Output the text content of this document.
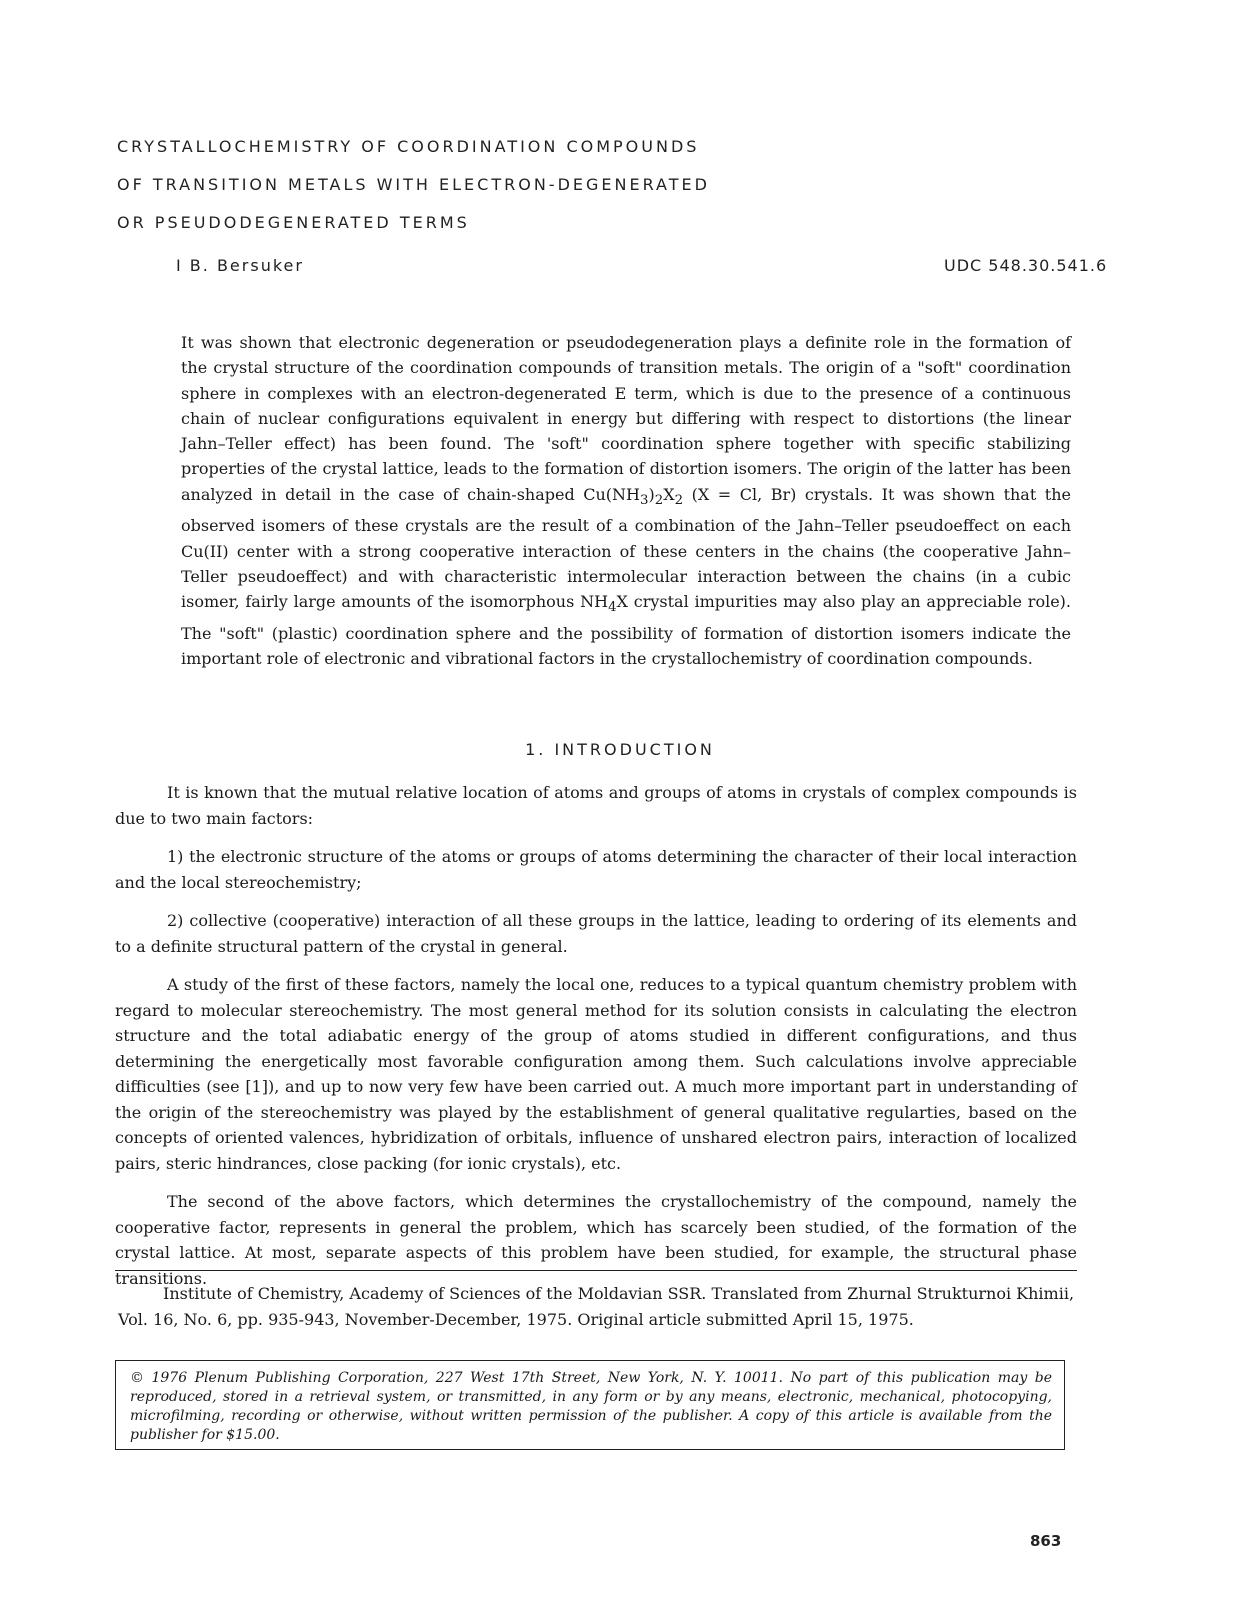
CRYSTALLOCHEMISTRY OF COORDINATION COMPOUNDS
OF TRANSITION METALS WITH ELECTRON-DEGENERATED
OR PSEUDODEGENERATED TERMS
I B. Bersuker	UDC 548.30.541.6
It was shown that electronic degeneration or pseudodegeneration plays a definite role in the formation of the crystal structure of the coordination compounds of transition metals. The origin of a "soft" coordination sphere in complexes with an electron-degenerated E term, which is due to the presence of a continuous chain of nuclear configurations equivalent in energy but differing with respect to distortions (the linear Jahn–Teller effect) has been found. The 'soft" coordination sphere together with specific stabilizing properties of the crystal lattice, leads to the formation of distortion isomers. The origin of the latter has been analyzed in detail in the case of chain-shaped $Cu(NH_3)_2X_2$ (X = Cl, Br) crystals. It was shown that the observed isomers of these crystals are the result of a combination of the Jahn–Teller pseudoeffect on each Cu(II) center with a strong cooperative interaction of these centers in the chains (the cooperative Jahn–Teller pseudoeffect) and with characteristic intermolecular interaction between the chains (in a cubic isomer, fairly large amounts of the isomorphous $NH_4X$ crystal impurities may also play an appreciable role). The "soft" (plastic) coordination sphere and the possibility of formation of distortion isomers indicate the important role of electronic and vibrational factors in the crystallochemistry of coordination compounds.
1. INTRODUCTION

It is known that the mutual relative location of atoms and groups of atoms in crystals of complex compounds is due to two main factors:

1) the electronic structure of the atoms or groups of atoms determining the character of their local interaction and the local stereochemistry;

2) collective (cooperative) interaction of all these groups in the lattice, leading to ordering of its elements and to a definite structural pattern of the crystal in general.

A study of the first of these factors, namely the local one, reduces to a typical quantum chemistry problem with regard to molecular stereochemistry. The most general method for its solution consists in calculating the electron structure and the total adiabatic energy of the group of atoms studied in different configurations, and thus determining the energetically most favorable configuration among them. Such calculations involve appreciable difficulties (see [1]), and up to now very few have been carried out. A much more important part in understanding of the origin of the stereochemistry was played by the establishment of general qualitative regularties, based on the concepts of oriented valences, hybridization of orbitals, influence of unshared electron pairs, interaction of localized pairs, steric hindrances, close packing (for ionic crystals), etc.

The second of the above factors, which determines the crystallochemistry of the compound, namely the cooperative factor, represents in general the problem, which has scarcely been studied, of the formation of the crystal lattice. At most, separate aspects of this problem have been studied, for example, the structural phase transitions.

Institute of Chemistry, Academy of Sciences of the Moldavian SSR. Translated from Zhurnal Strukturnoi Khimii, Vol. 16, No. 6, pp. 935-943, November-December, 1975. Original article submitted April 15, 1975.

© 1976 Plenum Publishing Corporation, 227 West 17th Street, New York, N. Y. 10011. No part of this publication may be reproduced, stored in a retrieval system, or transmitted, in any form or by any means, electronic, mechanical, photocopying, microfilming, recording or otherwise, without written permission of the publisher. A copy of this article is available from the publisher for $15.00.

863
